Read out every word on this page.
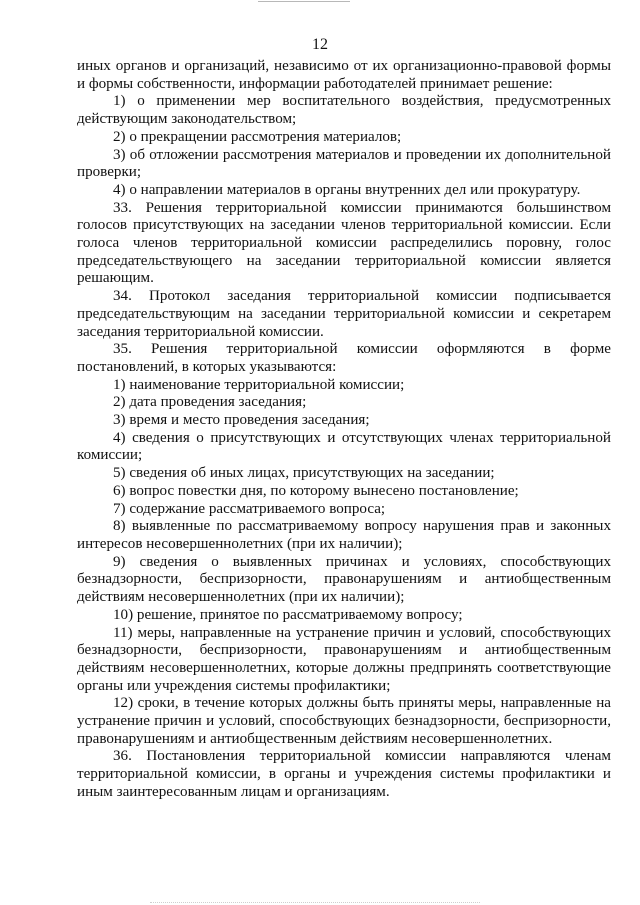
12

иных органов и организаций, независимо от их организационно-правовой формы и формы собственности, информации работодателей принимает решение:

1) о применении мер воспитательного воздействия, предусмотренных действующим законодательством;

2) о прекращении рассмотрения материалов;

3) об отложении рассмотрения материалов и проведении их дополнительной проверки;

4) о направлении материалов в органы внутренних дел или прокуратуру.

33. Решения территориальной комиссии принимаются большинством голосов присутствующих на заседании членов территориальной комиссии. Если голоса членов территориальной комиссии распределились поровну, голос председательствующего на заседании территориальной комиссии является решающим.

34. Протокол заседания территориальной комиссии подписывается председательствующим на заседании территориальной комиссии и секретарем заседания территориальной комиссии.

35. Решения территориальной комиссии оформляются в форме постановлений, в которых указываются:

1) наименование территориальной комиссии;

2) дата проведения заседания;

3) время и место проведения заседания;

4) сведения о присутствующих и отсутствующих членах территориальной комиссии;

5) сведения об иных лицах, присутствующих на заседании;

6) вопрос повестки дня, по которому вынесено постановление;

7) содержание рассматриваемого вопроса;

8) выявленные по рассматриваемому вопросу нарушения прав и законных интересов несовершеннолетних (при их наличии);

9) сведения о выявленных причинах и условиях, способствующих безнадзорности, беспризорности, правонарушениям и антиобщественным действиям несовершеннолетних (при их наличии);

10) решение, принятое по рассматриваемому вопросу;

11) меры, направленные на устранение причин и условий, способствующих безнадзорности, беспризорности, правонарушениям и антиобщественным действиям несовершеннолетних, которые должны предпринять соответствующие органы или учреждения системы профилактики;

12) сроки, в течение которых должны быть приняты меры, направленные на устранение причин и условий, способствующих безнадзорности, беспризорности, правонарушениям и антиобщественным действиям несовершеннолетних.

36. Постановления территориальной комиссии направляются членам территориальной комиссии, в органы и учреждения системы профилактики и иным заинтересованным лицам и организациям.
